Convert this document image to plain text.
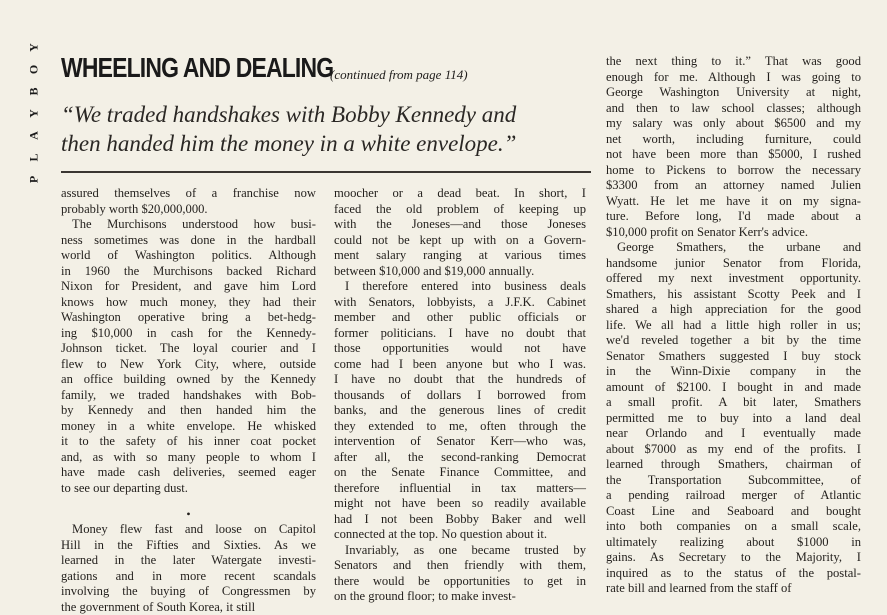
Y
O
B
Y
A
L
P
WHEELING AND DEALING
(continued from page 114)
“We traded handshakes with Bobby Kennedy and
then handed him the money in a white envelope.”
assured themselves of a franchise now
probably worth $20,000,000.
The Murchisons understood how busi-
ness sometimes was done in the hardball
world of Washington politics. Although
in 1960 the Murchisons backed Richard
Nixon for President, and gave him Lord
knows how much money, they had their
Washington operative bring a bet-hedg-
ing $10,000 in cash for the Kennedy-
Johnson ticket. The loyal courier and I
flew to New York City, where, outside
an office building owned by the Kennedy
family, we traded handshakes with Bob-
by Kennedy and then handed him the
money in a white envelope. He whisked
it to the safety of his inner coat pocket
and, as with so many people to whom I
have made cash deliveries, seemed eager
to see our departing dust.
•
Money flew fast and loose on Capitol
Hill in the Fifties and Sixties. As we
learned in the later Watergate investi-
gations and in more recent scandals
involving the buying of Congressmen by
the government of South Korea, it still
moocher or a dead beat. In short, I
faced the old problem of keeping up
with the Joneses—and those Joneses
could not be kept up with on a Govern-
ment salary ranging at various times
between $10,000 and $19,000 annually.
I therefore entered into business deals
with Senators, lobbyists, a J.F.K. Cabinet
member and other public officials or
former politicians. I have no doubt that
those opportunities would not have
come had I been anyone but who I was.
I have no doubt that the hundreds of
thousands of dollars I borrowed from
banks, and the generous lines of credit
they extended to me, often through the
intervention of Senator Kerr—who was,
after all, the second-ranking Democrat
on the Senate Finance Committee, and
therefore influential in tax matters—
might not have been so readily available
had I not been Bobby Baker and well
connected at the top. No question about it.
Invariably, as one became trusted by
Senators and then friendly with them,
there would be opportunities to get in
on the ground floor; to make invest-
the next thing to it.” That was good
enough for me. Although I was going to
George Washington University at night,
and then to law school classes; although
my salary was only about $6500 and my
net worth, including furniture, could
not have been more than $5000, I rushed
home to Pickens to borrow the necessary
$3300 from an attorney named Julien
Wyatt. He let me have it on my signa-
ture. Before long, I'd made about a
$10,000 profit on Senator Kerr's advice.
George Smathers, the urbane and
handsome junior Senator from Florida,
offered my next investment opportunity.
Smathers, his assistant Scotty Peek and I
shared a high appreciation for the good
life. We all had a little high roller in us;
we'd reveled together a bit by the time
Senator Smathers suggested I buy stock
in the Winn-Dixie company in the
amount of $2100. I bought in and made
a small profit. A bit later, Smathers
permitted me to buy into a land deal
near Orlando and I eventually made
about $7000 as my end of the profits. I
learned through Smathers, chairman of
the Transportation Subcommittee, of
a pending railroad merger of Atlantic
Coast Line and Seaboard and bought
into both companies on a small scale,
ultimately realizing about $1000 in
gains. As Secretary to the Majority, I
inquired as to the status of the postal-
rate bill and learned from the staff of
